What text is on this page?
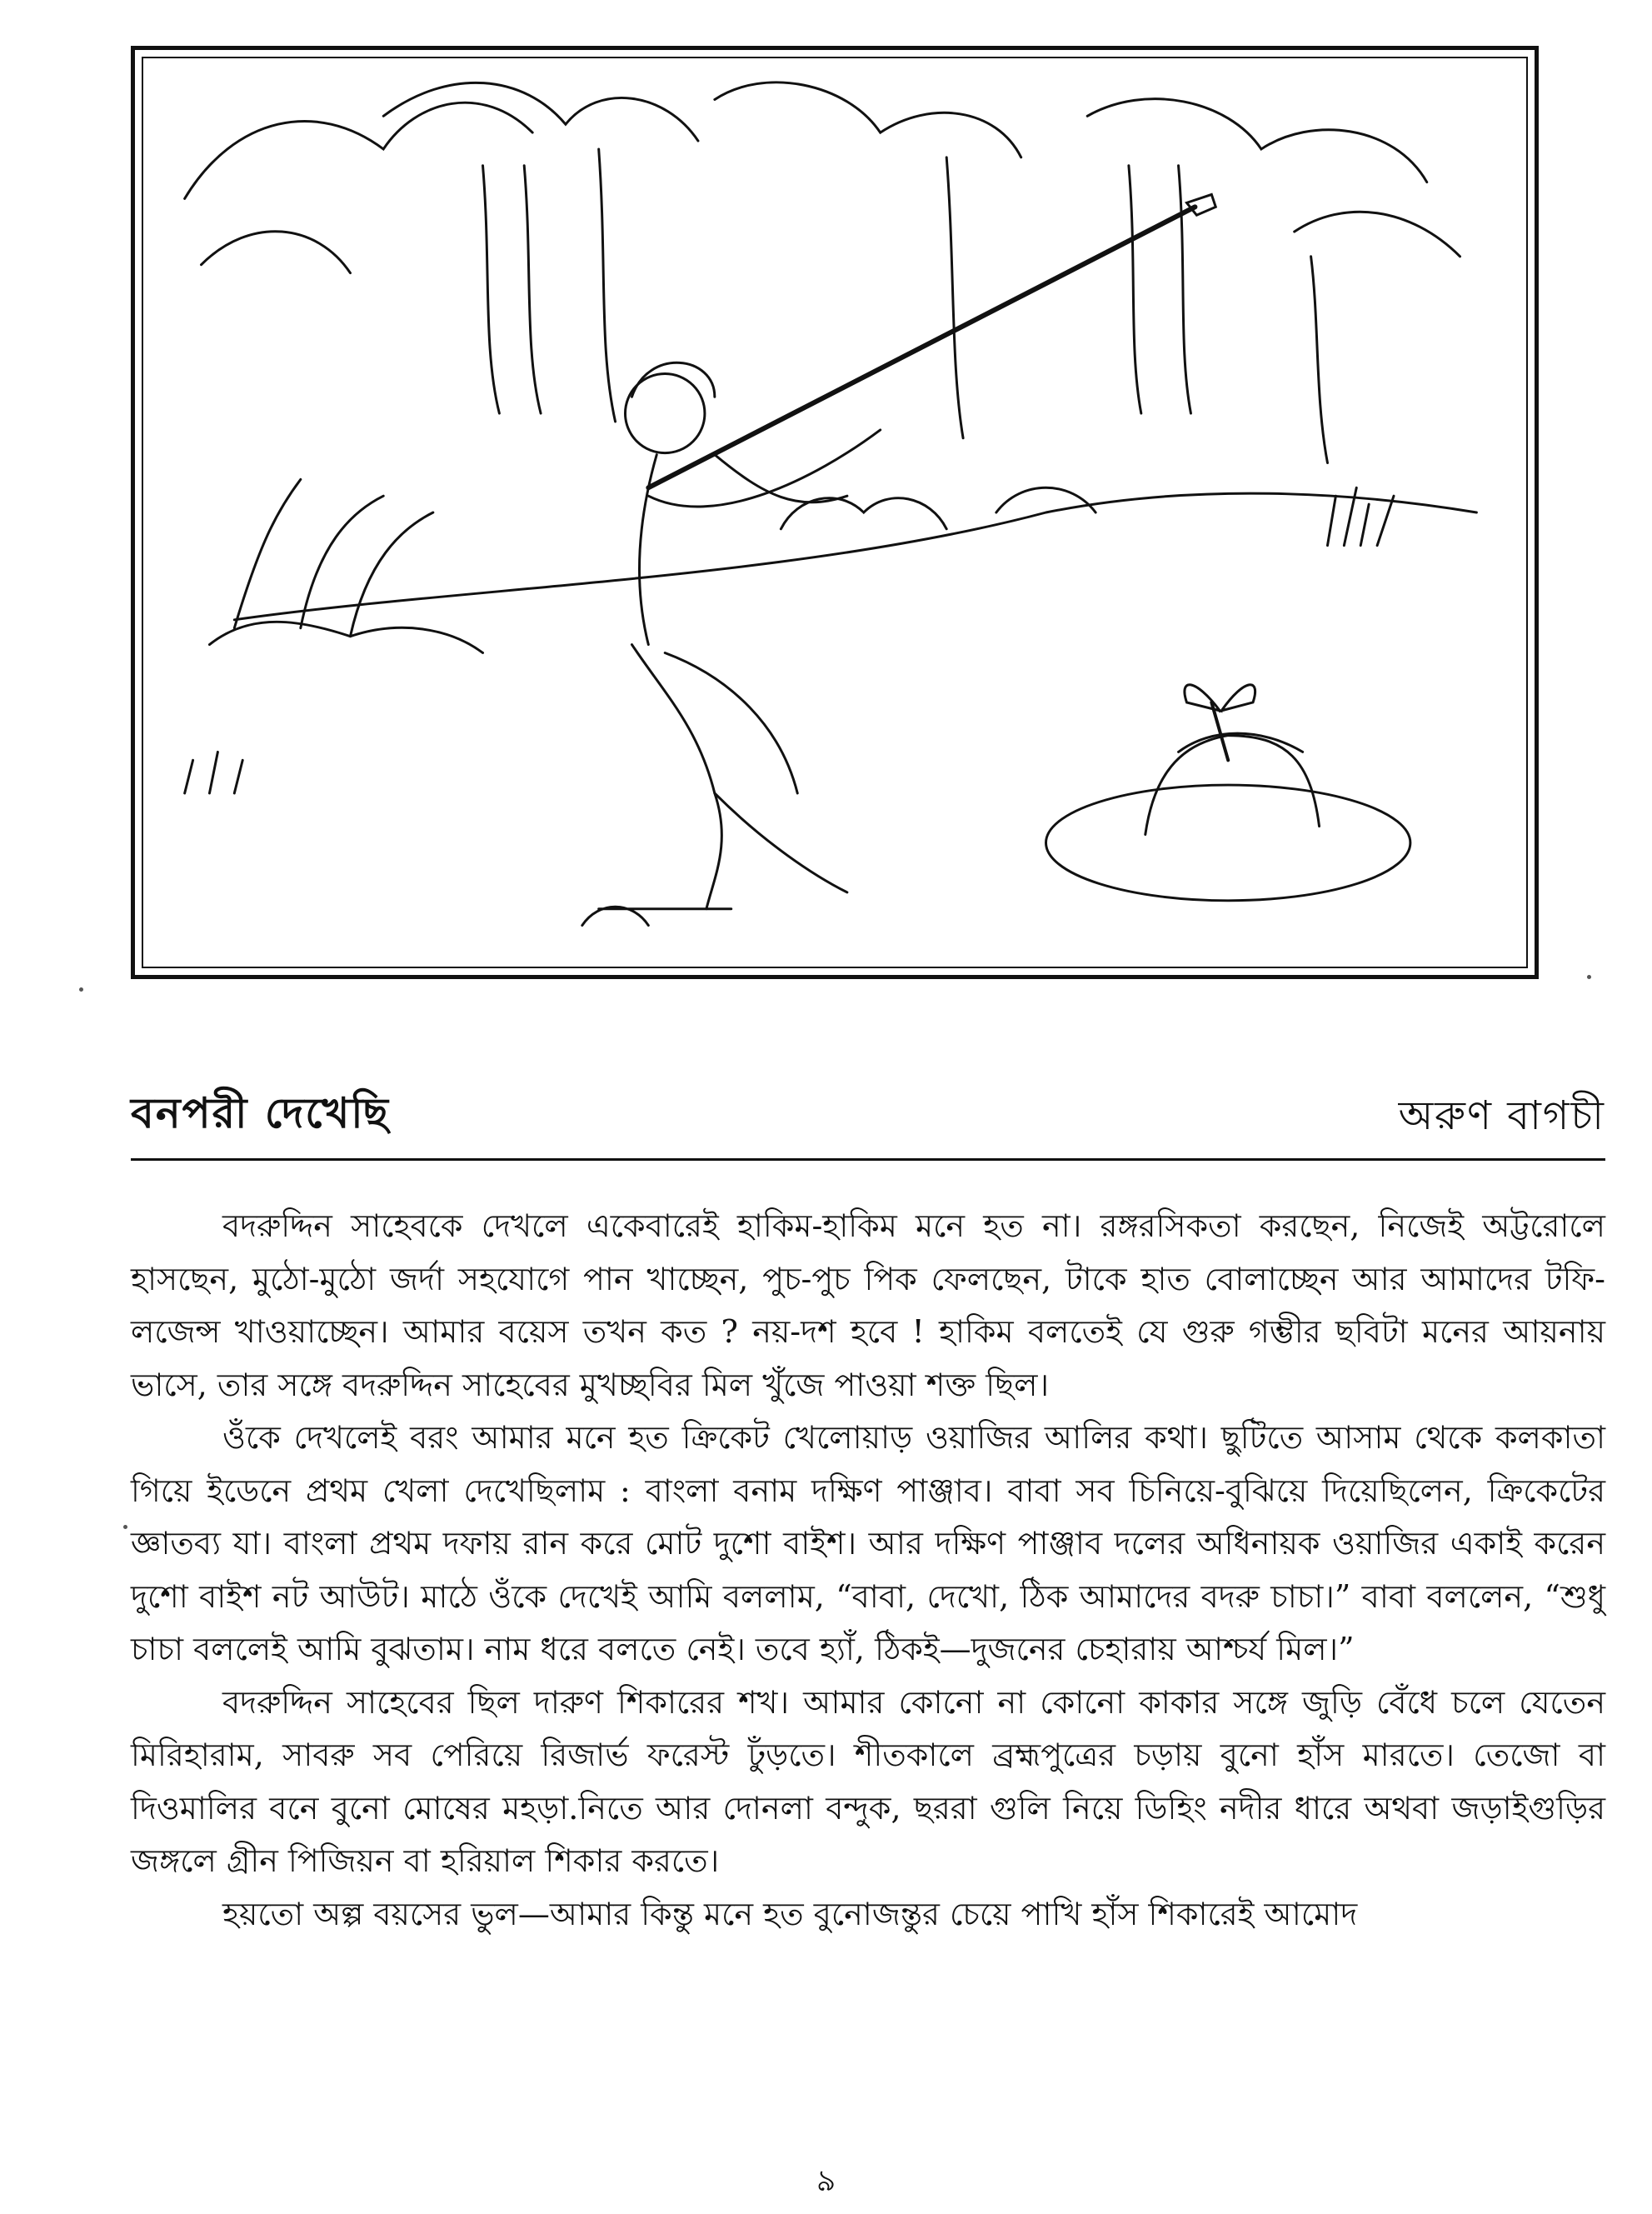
বনপরী দেখেছি	অরুণ বাগচী

বদরুদ্দিন সাহেবকে দেখলে একেবারেই হাকিম-হাকিম মনে হত না। রঙ্গরসিকতা করছেন, নিজেই অট্টরোলে হাসছেন, মুঠো-মুঠো জর্দা সহযোগে পান খাচ্ছেন, পুচ-পুচ পিক ফেলছেন, টাকে হাত বোলাচ্ছেন আর আমাদের টফি-লজেন্স খাওয়াচ্ছেন। আমার বয়েস তখন কত ? নয়-দশ হবে ! হাকিম বলতেই যে গুরু গম্ভীর ছবিটা মনের আয়নায় ভাসে, তার সঙ্গে বদরুদ্দিন সাহেবের মুখচ্ছবির মিল খুঁজে পাওয়া শক্ত ছিল।

ওঁকে দেখলেই বরং আমার মনে হত ক্রিকেট খেলোয়াড় ওয়াজির আলির কথা। ছুটিতে আসাম থেকে কলকাতা গিয়ে ইডেনে প্রথম খেলা দেখেছিলাম : বাংলা বনাম দক্ষিণ পাঞ্জাব। বাবা সব চিনিয়ে-বুঝিয়ে দিয়েছিলেন, ক্রিকেটের জ্ঞাতব্য যা। বাংলা প্রথম দফায় রান করে মোট দুশো বাইশ। আর দক্ষিণ পাঞ্জাব দলের অধিনায়ক ওয়াজির একাই করেন দুশো বাইশ নট আউট। মাঠে ওঁকে দেখেই আমি বললাম, “বাবা, দেখো, ঠিক আমাদের বদরু চাচা।” বাবা বললেন, “শুধু চাচা বললেই আমি বুঝতাম। নাম ধরে বলতে নেই। তবে হ্যাঁ, ঠিকই—দুজনের চেহারায় আশ্চর্য মিল।”

বদরুদ্দিন সাহেবের ছিল দারুণ শিকারের শখ। আমার কোনো না কোনো কাকার সঙ্গে জুড়ি বেঁধে চলে যেতেন মিরিহারাম, সাবরু সব পেরিয়ে রিজার্ভ ফরেস্ট ঢুঁড়তে। শীতকালে ব্রহ্মপুত্রের চড়ায় বুনো হাঁস মারতে। তেজো বা দিওমালির বনে বুনো মোষের মহড়া.নিতে আর দোনলা বন্দুক, ছররা গুলি নিয়ে ডিহিং নদীর ধারে অথবা জড়াইগুড়ির জঙ্গলে গ্রীন পিজিয়ন বা হরিয়াল শিকার করতে।

হয়তো অল্প বয়সের ভুল—আমার কিন্তু মনে হত বুনোজন্তুর চেয়ে পাখি হাঁস শিকারেই আমোদ

৯
